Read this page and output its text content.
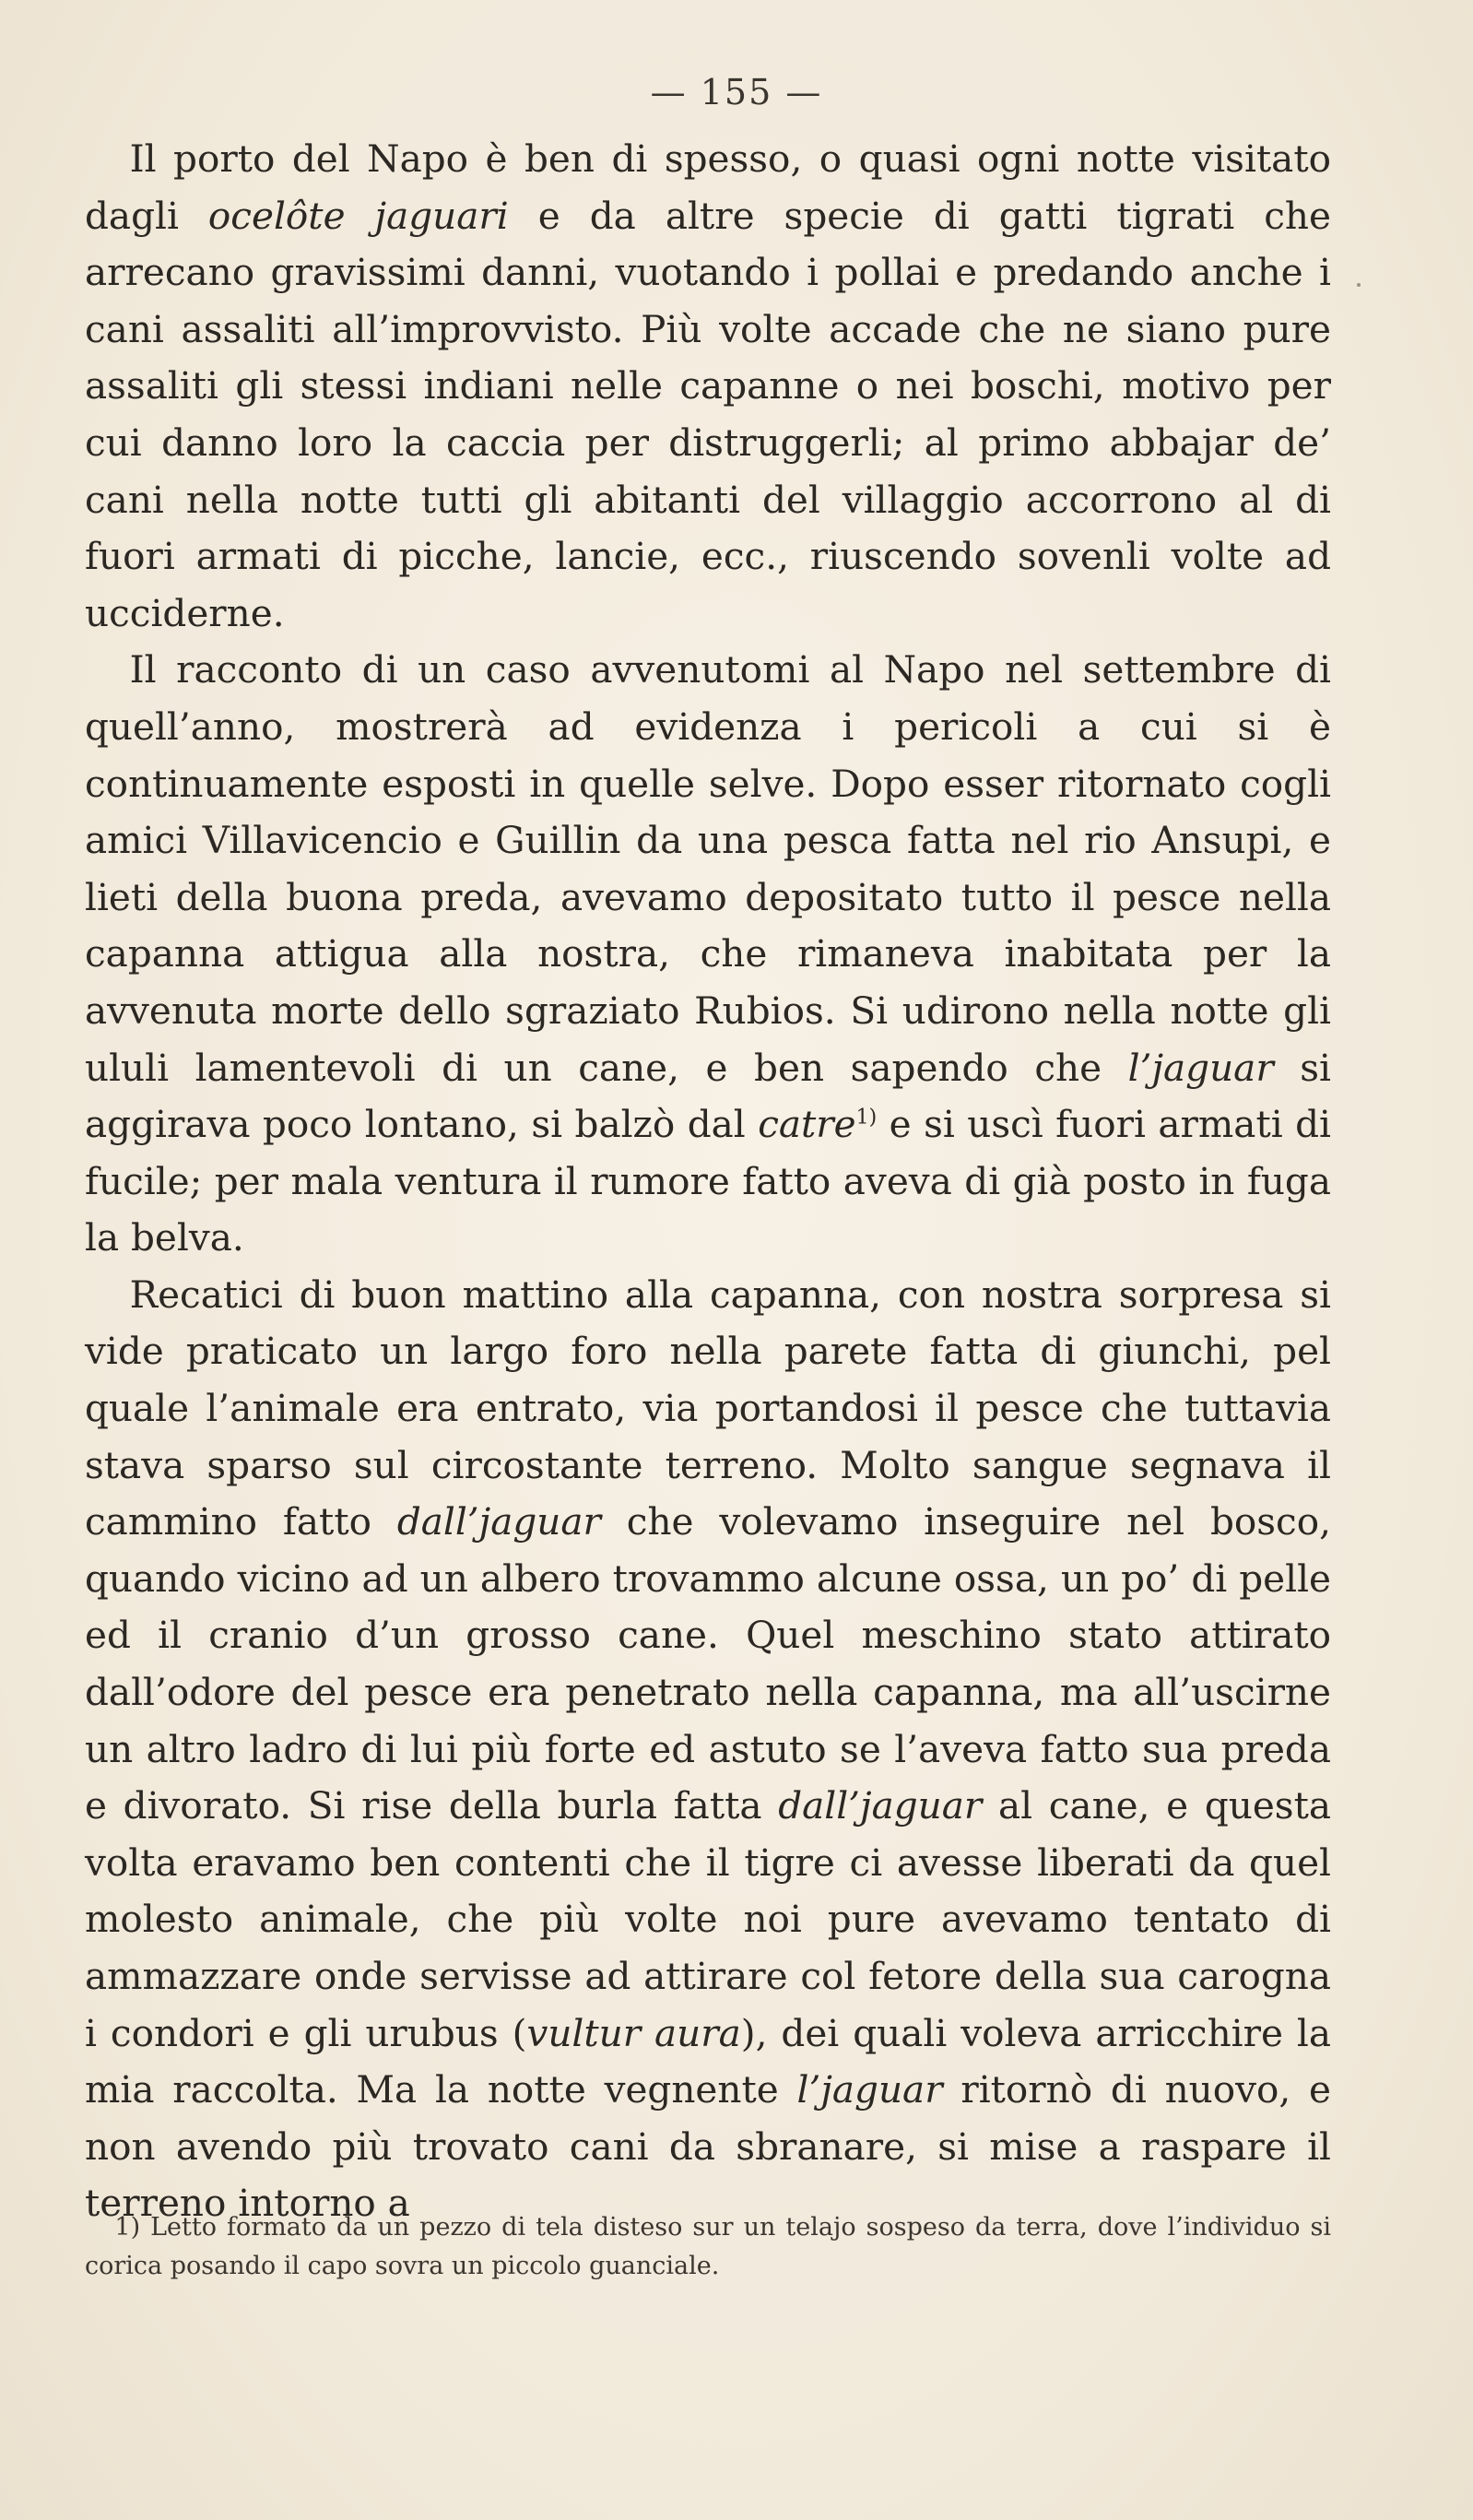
— 155 —

Il porto del Napo è ben di spesso, o quasi ogni notte visitato dagli ocelôte jaguari e da altre specie di gatti tigrati che arrecano gravissimi danni, vuotando i pollai e predando anche i cani assaliti all’improvvisto. Più volte accade che ne siano pure assaliti gli stessi indiani nelle capanne o nei boschi, motivo per cui danno loro la caccia per distruggerli; al primo abbajar de’ cani nella notte tutti gli abitanti del villaggio accorrono al di fuori armati di picche, lancie, ecc., riuscendo sovenli volte ad ucciderne.

Il racconto di un caso avvenutomi al Napo nel settembre di quell’anno, mostrerà ad evidenza i pericoli a cui si è continuamente esposti in quelle selve. Dopo esser ritornato cogli amici Villavicencio e Guillin da una pesca fatta nel rio Ansupi, e lieti della buona preda, avevamo depositato tutto il pesce nella capanna attigua alla nostra, che rimaneva inabitata per la avvenuta morte dello sgraziato Rubios. Si udirono nella notte gli ululi lamentevoli di un cane, e ben sapendo che l’jaguar si aggirava poco lontano, si balzò dal catre$^{1)}$ e si uscì fuori armati di fucile; per mala ventura il rumore fatto aveva di già posto in fuga la belva.

Recatici di buon mattino alla capanna, con nostra sorpresa si vide praticato un largo foro nella parete fatta di giunchi, pel quale l’animale era entrato, via portandosi il pesce che tuttavia stava sparso sul circostante terreno. Molto sangue segnava il cammino fatto dall’jaguar che volevamo inseguire nel bosco, quando vicino ad un albero trovammo alcune ossa, un po’ di pelle ed il cranio d’un grosso cane. Quel meschino stato attirato dall’odore del pesce era penetrato nella capanna, ma all’uscirne un altro ladro di lui più forte ed astuto se l’aveva fatto sua preda e divorato. Si rise della burla fatta dall’jaguar al cane, e questa volta eravamo ben contenti che il tigre ci avesse liberati da quel molesto animale, che più volte noi pure avevamo tentato di ammazzare onde servisse ad attirare col fetore della sua carogna i condori e gli urubus (vultur aura), dei quali voleva arricchire la mia raccolta. Ma la notte vegnente l’jaguar ritornò di nuovo, e non avendo più trovato cani da sbranare, si mise a raspare il terreno intorno a

1) Letto formato da un pezzo di tela disteso sur un telajo sospeso da terra, dove l’individuo si corica posando il capo sovra un piccolo guanciale.
